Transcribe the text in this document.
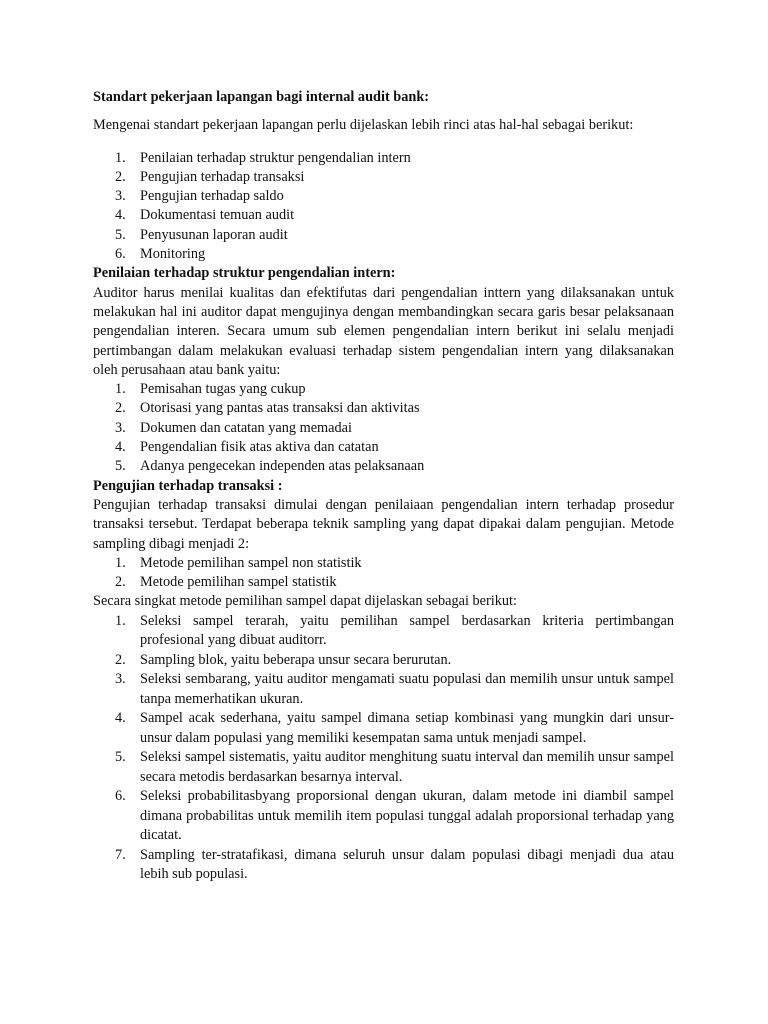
Standart pekerjaan lapangan bagi internal audit bank:

Mengenai standart pekerjaan lapangan perlu dijelaskan lebih rinci atas hal-hal sebagai berikut:

1. Penilaian terhadap struktur pengendalian intern
2. Pengujian terhadap transaksi
3. Pengujian terhadap saldo
4. Dokumentasi temuan audit
5. Penyusunan laporan audit
6. Monitoring

Penilaian terhadap struktur pengendalian intern:

Auditor harus menilai kualitas dan efektifutas dari pengendalian inttern yang dilaksanakan untuk melakukan hal ini auditor dapat mengujinya dengan membandingkan secara garis besar pelaksanaan pengendalian interen. Secara umum sub elemen pengendalian intern berikut ini selalu menjadi pertimbangan dalam melakukan evaluasi terhadap sistem pengendalian intern yang dilaksanakan oleh perusahaan atau bank yaitu:

1. Pemisahan tugas yang cukup
2. Otorisasi yang pantas atas transaksi dan aktivitas
3. Dokumen dan catatan yang memadai
4. Pengendalian fisik atas aktiva dan catatan
5. Adanya pengecekan independen atas pelaksanaan

Pengujian terhadap transaksi :

Pengujian terhadap transaksi dimulai dengan penilaiaan pengendalian intern terhadap prosedur transaksi tersebut. Terdapat beberapa teknik sampling yang dapat dipakai dalam pengujian. Metode sampling dibagi menjadi 2:

1. Metode pemilihan sampel non statistik
2. Metode pemilihan sampel statistik

Secara singkat metode pemilihan sampel dapat dijelaskan sebagai berikut:

1. Seleksi sampel terarah, yaitu pemilihan sampel berdasarkan kriteria pertimbangan profesional yang dibuat auditorr.
2. Sampling blok, yaitu beberapa unsur secara berurutan.
3. Seleksi sembarang, yaitu auditor mengamati suatu populasi dan memilih unsur untuk sampel tanpa memerhatikan ukuran.
4. Sampel acak sederhana, yaitu sampel dimana setiap kombinasi yang mungkin dari unsur-unsur dalam populasi yang memiliki kesempatan sama untuk menjadi sampel.
5. Seleksi sampel sistematis, yaitu auditor menghitung suatu interval dan memilih unsur sampel secara metodis berdasarkan besarnya interval.
6. Seleksi probabilitasbyang proporsional dengan ukuran, dalam metode ini diambil sampel dimana probabilitas untuk memilih item populasi tunggal adalah proporsional terhadap yang dicatat.
7. Sampling ter-stratafikasi, dimana seluruh unsur dalam populasi dibagi menjadi dua atau lebih sub populasi.
